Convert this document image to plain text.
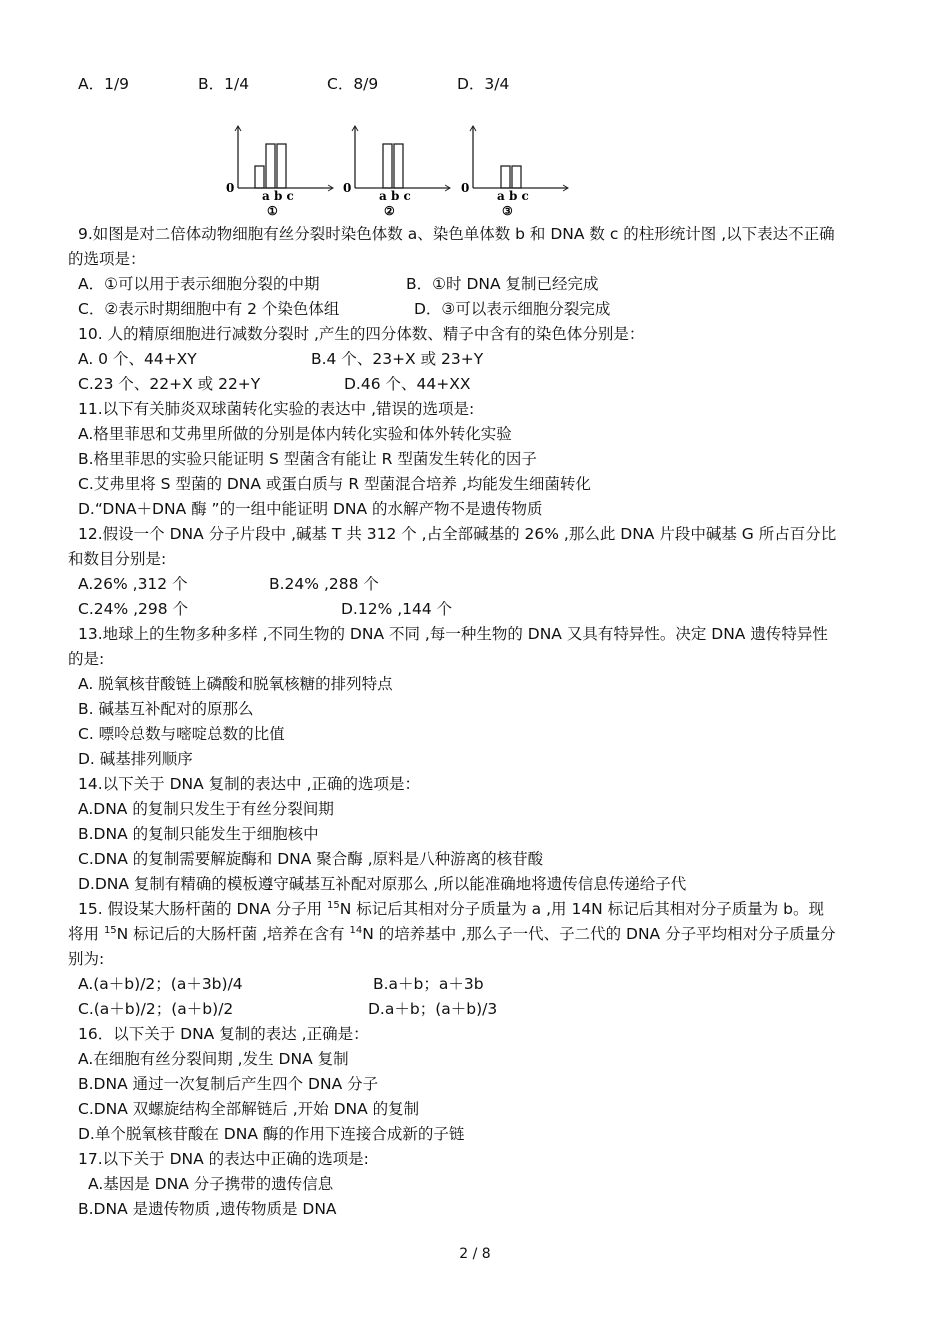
A．1/9	B．1/4	C．8/9	D．3/4
0
a b c
①
0
a b c
②
0
a b c
③
9.如图是对二倍体动物细胞有丝分裂时染色体数 a、染色单体数 b 和 DNA 数 c 的柱形统计图 ,以下表达不正确
的选项是：
A．①可以用于表示细胞分裂的中期	B．①时 DNA 复制已经完成
C．②表示时期细胞中有 2 个染色体组	D．③可以表示细胞分裂完成
10. 人的精原细胞进行减数分裂时 ,产生的四分体数、精子中含有的染色体分别是：
A. 0 个、44+XY	B.4 个、23+X 或 23+Y
C.23 个、22+X 或 22+Y	D.46 个、44+XX
11.以下有关肺炎双球菌转化实验的表达中 ,错误的选项是:
A.格里菲思和艾弗里所做的分别是体内转化实验和体外转化实验
B.格里菲思的实验只能证明 S 型菌含有能让 R 型菌发生转化的因子
C.艾弗里将 S 型菌的 DNA 或蛋白质与 R 型菌混合培养 ,均能发生细菌转化
D.“DNA＋DNA 酶 ”的一组中能证明 DNA 的水解产物不是遗传物质
12.假设一个 DNA 分子片段中 ,碱基 T 共 312 个 ,占全部碱基的 26% ,那么此 DNA 片段中碱基 G 所占百分比
和数目分别是:
A.26% ,312 个	B.24% ,288 个
C.24% ,298 个	D.12% ,144 个
13.地球上的生物多种多样 ,不同生物的 DNA 不同 ,每一种生物的 DNA 又具有特异性。决定 DNA 遗传特异性
的是:
A. 脱氧核苷酸链上磷酸和脱氧核糖的排列特点
B. 碱基互补配对的原那么
C. 嘌呤总数与嘧啶总数的比值
D. 碱基排列顺序
14.以下关于 DNA 复制的表达中 ,正确的选项是：
A.DNA 的复制只发生于有丝分裂间期
B.DNA 的复制只能发生于细胞核中
C.DNA 的复制需要解旋酶和 DNA 聚合酶 ,原料是八种游离的核苷酸
D.DNA 复制有精确的模板遵守碱基互补配对原那么 ,所以能准确地将遗传信息传递给子代
15. 假设某大肠杆菌的 DNA 分子用 $^{15}$N 标记后其相对分子质量为 a ,用 14N 标记后其相对分子质量为 b。现
将用 $^{15}$N 标记后的大肠杆菌 ,培养在含有 $^{14}$N 的培养基中 ,那么子一代、子二代的 DNA 分子平均相对分子质量分
别为:
A.(a＋b)/2；(a＋3b)/4	B.a＋b；a＋3b
C.(a＋b)/2；(a＋b)/2	D.a＋b；(a＋b)/3
16．以下关于 DNA 复制的表达 ,正确是：
A.在细胞有丝分裂间期 ,发生 DNA 复制
B.DNA 通过一次复制后产生四个 DNA 分子
C.DNA 双螺旋结构全部解链后 ,开始 DNA 的复制
D.单个脱氧核苷酸在 DNA 酶的作用下连接合成新的子链
17.以下关于 DNA 的表达中正确的选项是:
A.基因是 DNA 分子携带的遗传信息
B.DNA 是遗传物质 ,遗传物质是 DNA
2 / 8
